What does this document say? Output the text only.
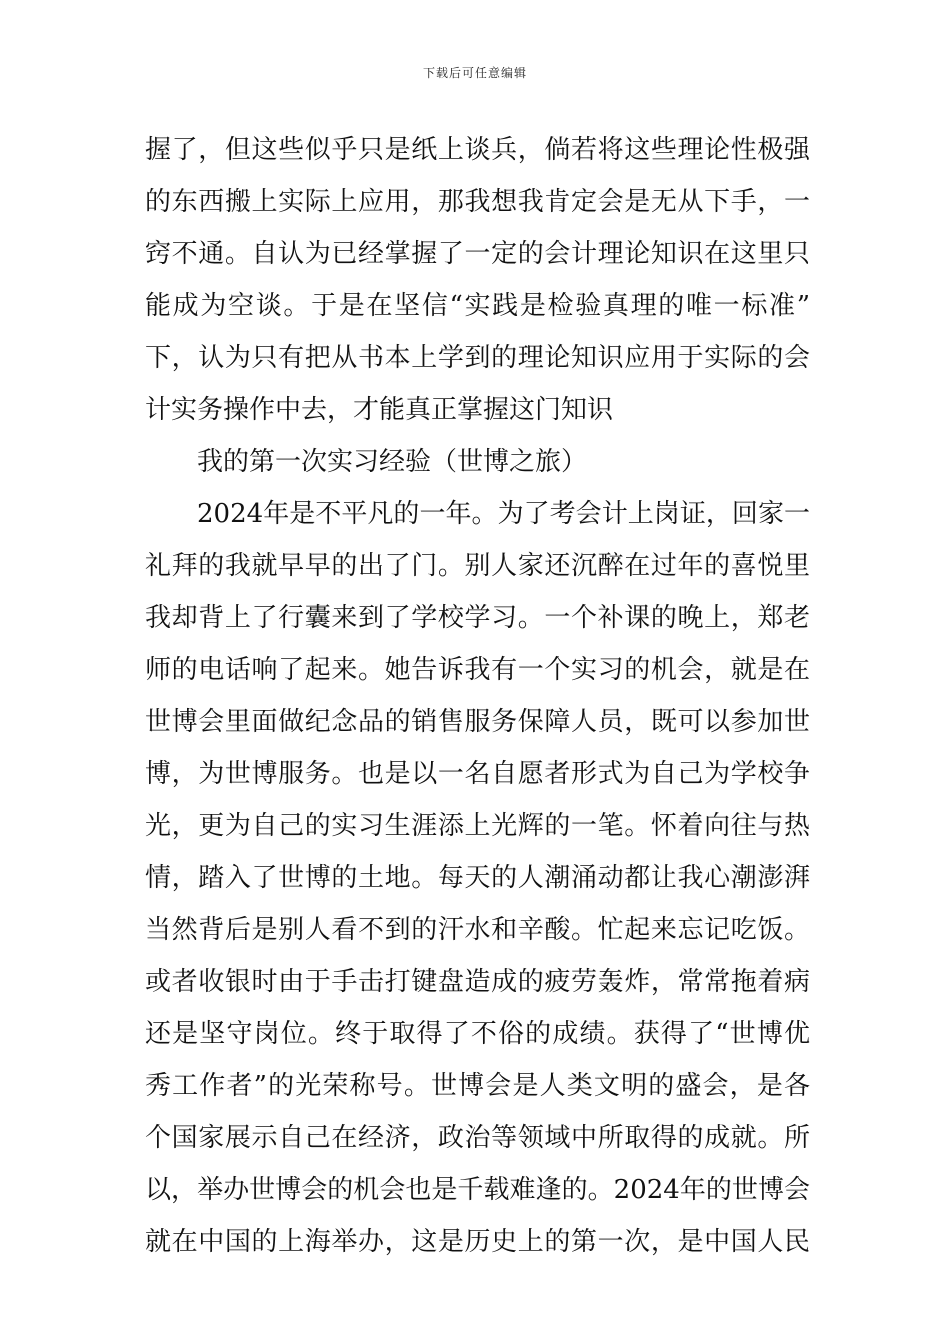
下载后可任意编辑
握了，但这些似乎只是纸上谈兵，倘若将这些理论性极强
的东西搬上实际上应用，那我想我肯定会是无从下手，一
窍不通。自认为已经掌握了一定的会计理论知识在这里只
能成为空谈。于是在坚信“实践是检验真理的唯一标准”
下，认为只有把从书本上学到的理论知识应用于实际的会
计实务操作中去，才能真正掌握这门知识
我的第一次实习经验（世博之旅）
2024年是不平凡的一年。为了考会计上岗证，回家一
礼拜的我就早早的出了门。别人家还沉醉在过年的喜悦里
我却背上了行囊来到了学校学习。一个补课的晚上，郑老
师的电话响了起来。她告诉我有一个实习的机会，就是在
世博会里面做纪念品的销售服务保障人员，既可以参加世
博，为世博服务。也是以一名自愿者形式为自己为学校争
光，更为自己的实习生涯添上光辉的一笔。怀着向往与热
情，踏入了世博的土地。每天的人潮涌动都让我心潮澎湃
当然背后是别人看不到的汗水和辛酸。忙起来忘记吃饭。
或者收银时由于手击打键盘造成的疲劳轰炸，常常拖着病
还是坚守岗位。终于取得了不俗的成绩。获得了“世博优
秀工作者”的光荣称号。世博会是人类文明的盛会，是各
个国家展示自己在经济，政治等领域中所取得的成就。所
以，举办世博会的机会也是千载难逢的。2024年的世博会
就在中国的上海举办，这是历史上的第一次，是中国人民
